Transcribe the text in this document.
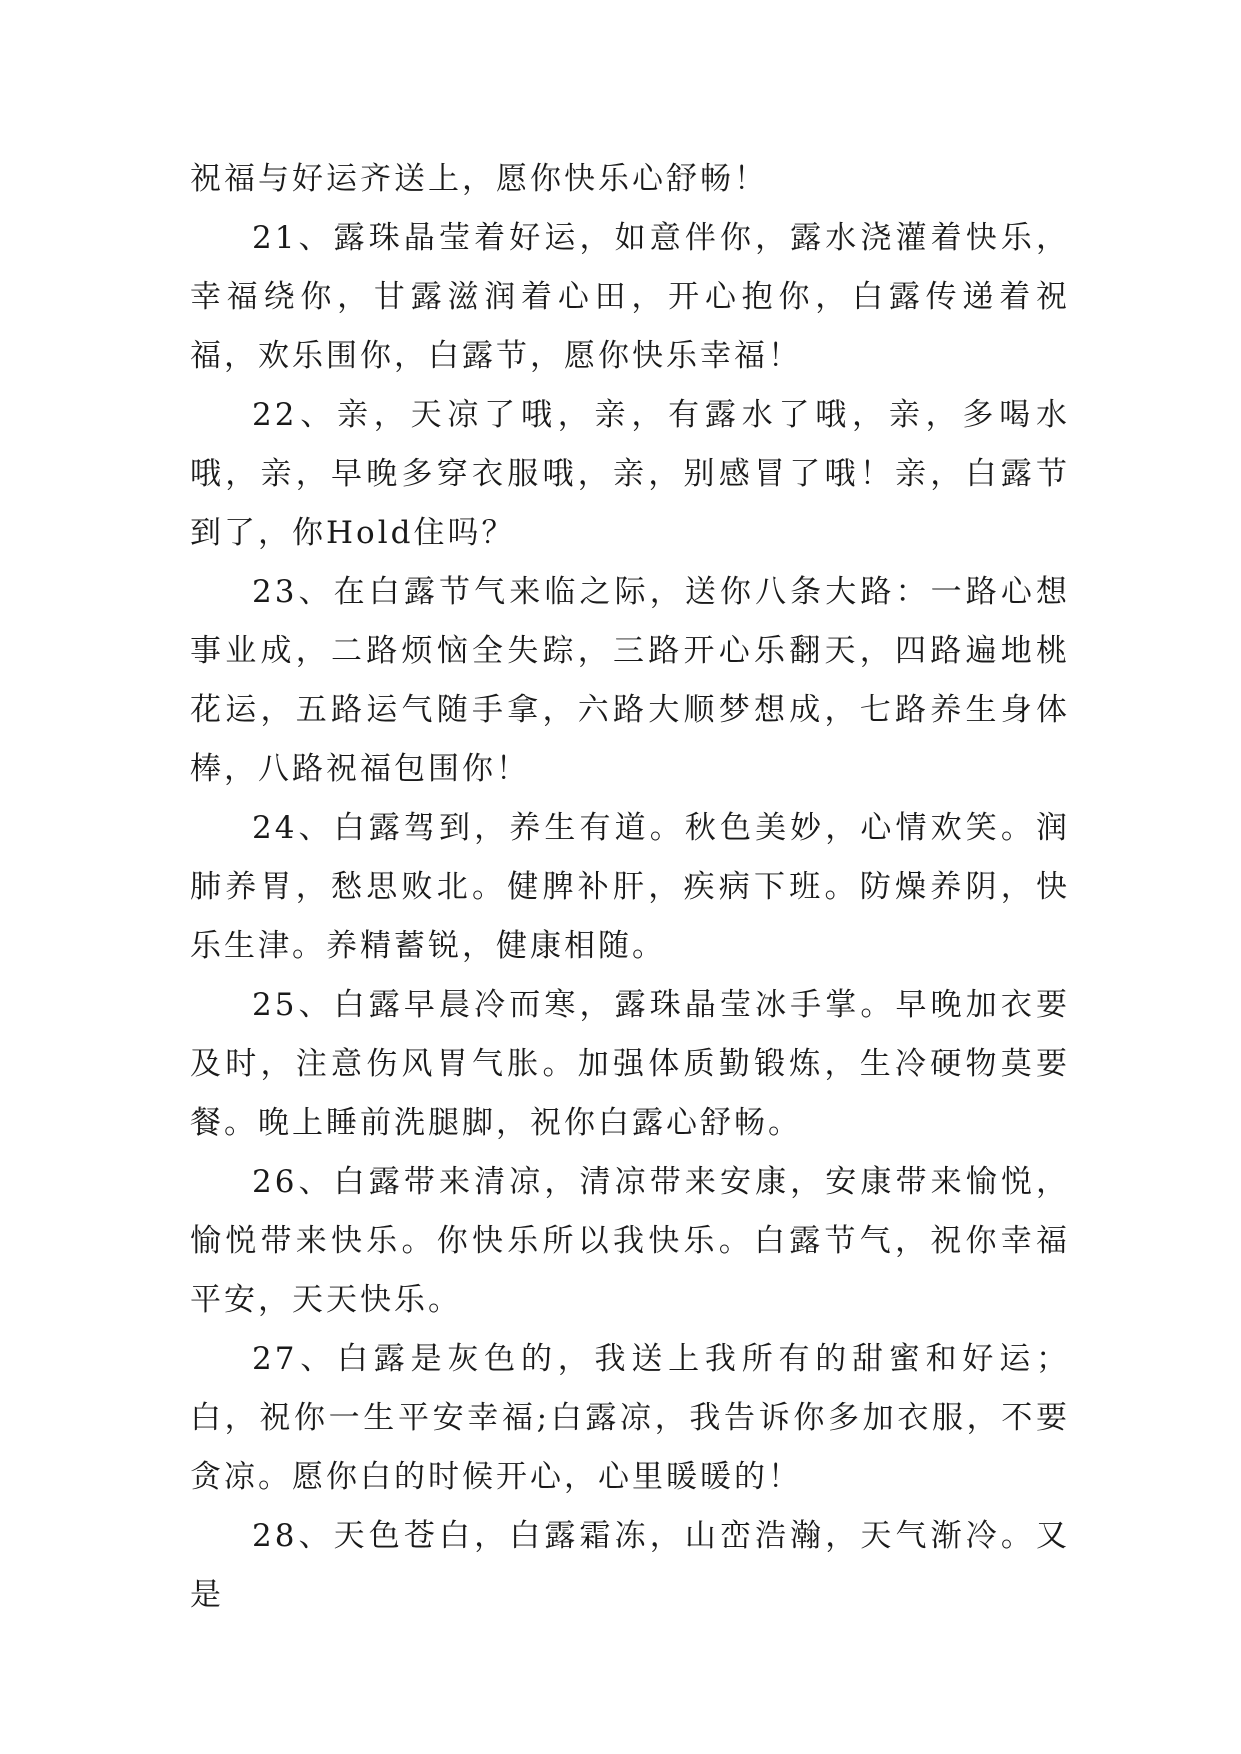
祝福与好运齐送上，愿你快乐心舒畅！

21、露珠晶莹着好运，如意伴你，露水浇灌着快乐，幸福绕你，甘露滋润着心田，开心抱你，白露传递着祝福，欢乐围你，白露节，愿你快乐幸福！

22、亲，天凉了哦，亲，有露水了哦，亲，多喝水哦，亲，早晚多穿衣服哦，亲，别感冒了哦！亲，白露节到了，你Hold住吗？

23、在白露节气来临之际，送你八条大路：一路心想事业成，二路烦恼全失踪，三路开心乐翻天，四路遍地桃花运，五路运气随手拿，六路大顺梦想成，七路养生身体棒，八路祝福包围你！

24、白露驾到，养生有道。秋色美妙，心情欢笑。润肺养胃，愁思败北。健脾补肝，疾病下班。防燥养阴，快乐生津。养精蓄锐，健康相随。

25、白露早晨冷而寒，露珠晶莹冰手掌。早晚加衣要及时，注意伤风胃气胀。加强体质勤锻炼，生冷硬物莫要餐。晚上睡前洗腿脚，祝你白露心舒畅。

26、白露带来清凉，清凉带来安康，安康带来愉悦，愉悦带来快乐。你快乐所以我快乐。白露节气，祝你幸福平安，天天快乐。

27、白露是灰色的，我送上我所有的甜蜜和好运；白，祝你一生平安幸福;白露凉，我告诉你多加衣服，不要贪凉。愿你白的时候开心，心里暖暖的！

28、天色苍白，白露霜冻，山峦浩瀚，天气渐冷。又是
